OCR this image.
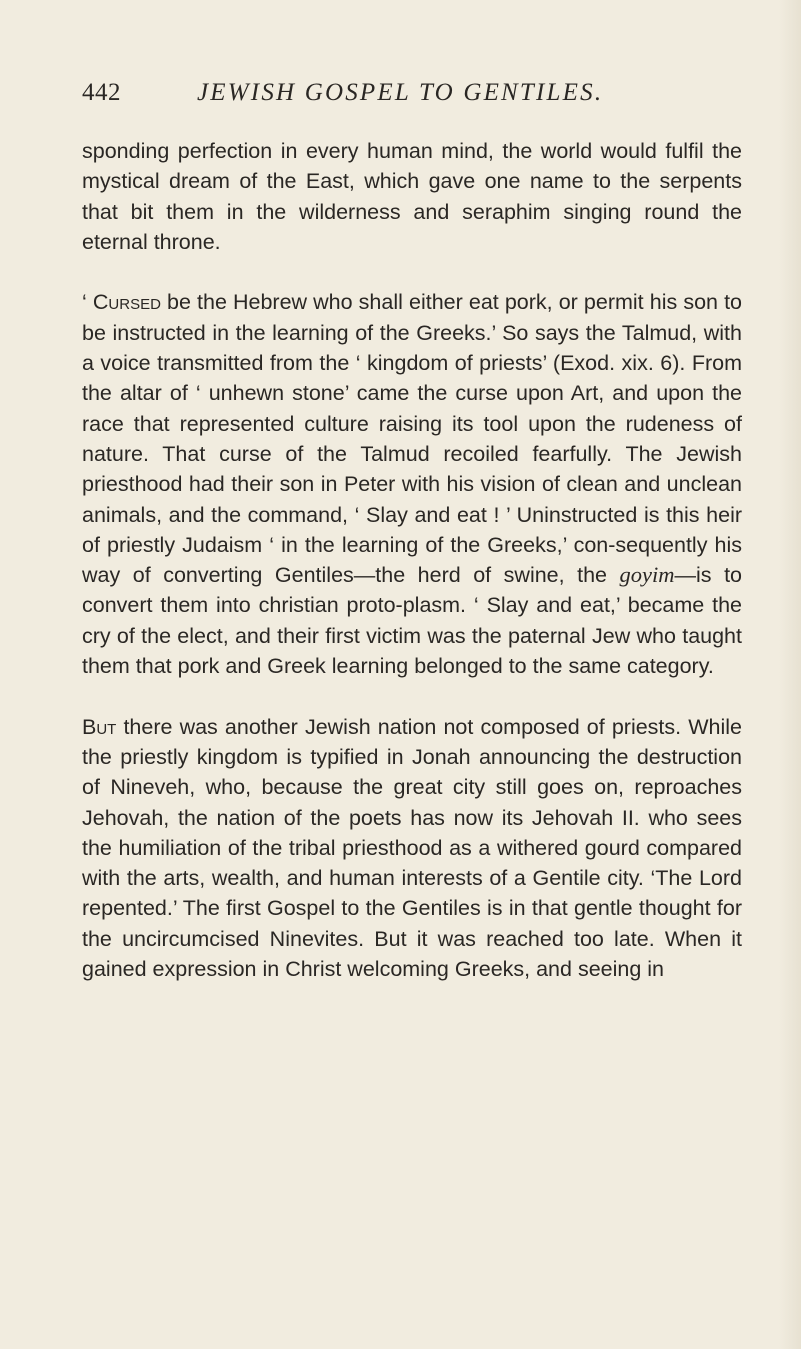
442	JEWISH GOSPEL TO GENTILES.

sponding perfection in every human mind, the world would fulfil the mystical dream of the East, which gave one name to the serpents that bit them in the wilderness and seraphim singing round the eternal throne.

‘ Cursed be the Hebrew who shall either eat pork, or permit his son to be instructed in the learning of the Greeks.’ So says the Talmud, with a voice transmitted from the ‘ kingdom of priests’ (Exod. xix. 6). From the altar of ‘ unhewn stone’ came the curse upon Art, and upon the race that represented culture raising its tool upon the rudeness of nature. That curse of the Talmud recoiled fearfully. The Jewish priesthood had their son in Peter with his vision of clean and unclean animals, and the command, ‘ Slay and eat ! ’ Uninstructed is this heir of priestly Judaism ‘ in the learning of the Greeks,’ con-sequently his way of converting Gentiles—the herd of swine, the goyim—is to convert them into christian proto-plasm. ‘ Slay and eat,’ became the cry of the elect, and their first victim was the paternal Jew who taught them that pork and Greek learning belonged to the same category.

But there was another Jewish nation not composed of priests. While the priestly kingdom is typified in Jonah announcing the destruction of Nineveh, who, because the great city still goes on, reproaches Jehovah, the nation of the poets has now its Jehovah II. who sees the humiliation of the tribal priesthood as a withered gourd compared with the arts, wealth, and human interests of a Gentile city. ‘The Lord repented.’ The first Gospel to the Gentiles is in that gentle thought for the uncircumcised Ninevites. But it was reached too late. When it gained expression in Christ welcoming Greeks, and seeing in
